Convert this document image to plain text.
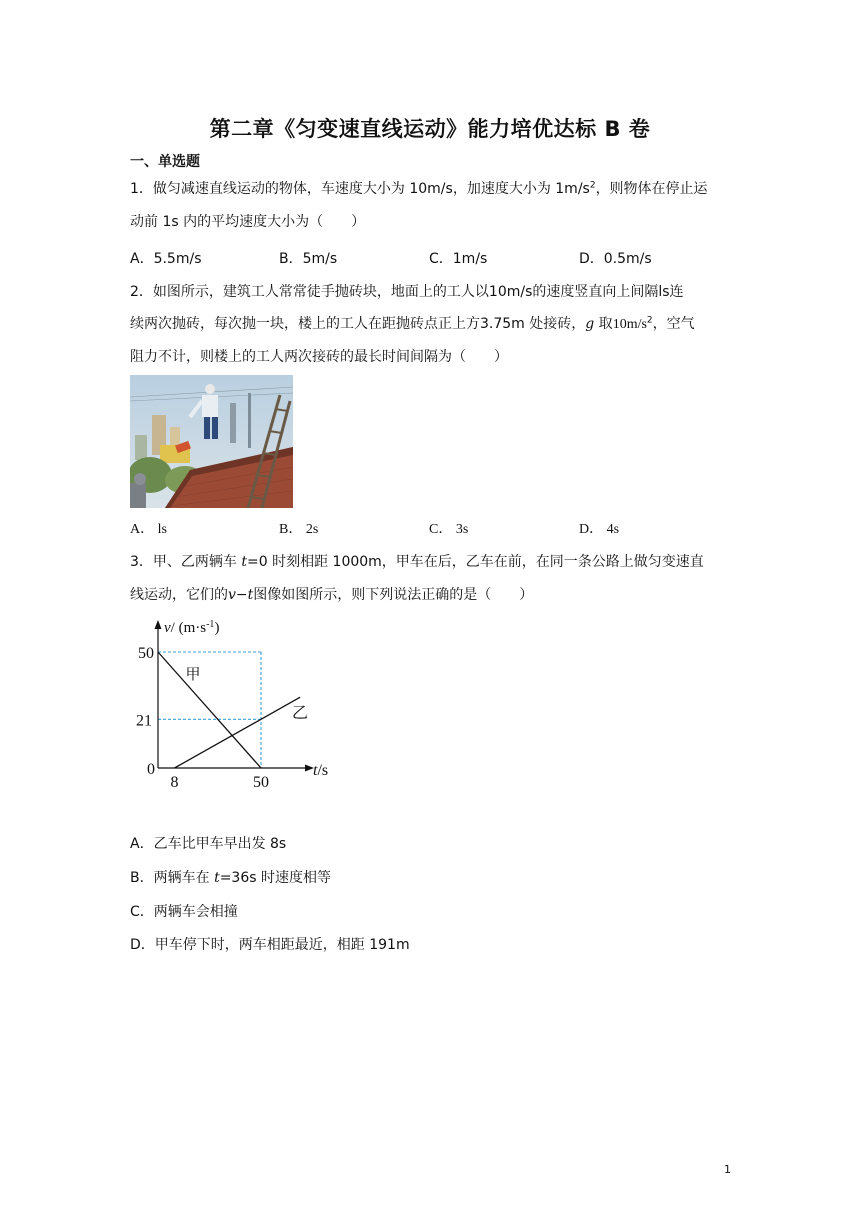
第二章《匀变速直线运动》能力培优达标 B 卷
一、单选题
1．做匀减速直线运动的物体，车速度大小为 10m/s，加速度大小为 $1m/s^2$，则物体在停止运
动前 1s 内的平均速度大小为（　　）
A．5.5m/s	B．5m/s	C．1m/s	D．0.5m/s
2．如图所示，建筑工人常常徒手抛砖块，地面上的工人以10m/s的速度竖直向上间隔ls连
续两次抛砖，每次抛一块，楼上的工人在距抛砖点正上方3.75m 处接砖，g 取$10m/s^2$，空气
阻力不计，则楼上的工人两次接砖的最长时间间隔为（　　）
A． ls	B． 2s	C． 3s	D． 4s
3．甲、乙两辆车 t=0 时刻相距 1000m，甲车在后，乙车在前，在同一条公路上做匀变速直
线运动，它们的v−t图像如图所示，则下列说法正确的是（　　）
50
21
0
8	50
v/ $(m\cdot s^{-1})$
t/s
甲
乙
A．乙车比甲车早出发 8s
B．两辆车在 t=36s 时速度相等
C．两辆车会相撞
D．甲车停下时，两车相距最近，相距 191m
1
